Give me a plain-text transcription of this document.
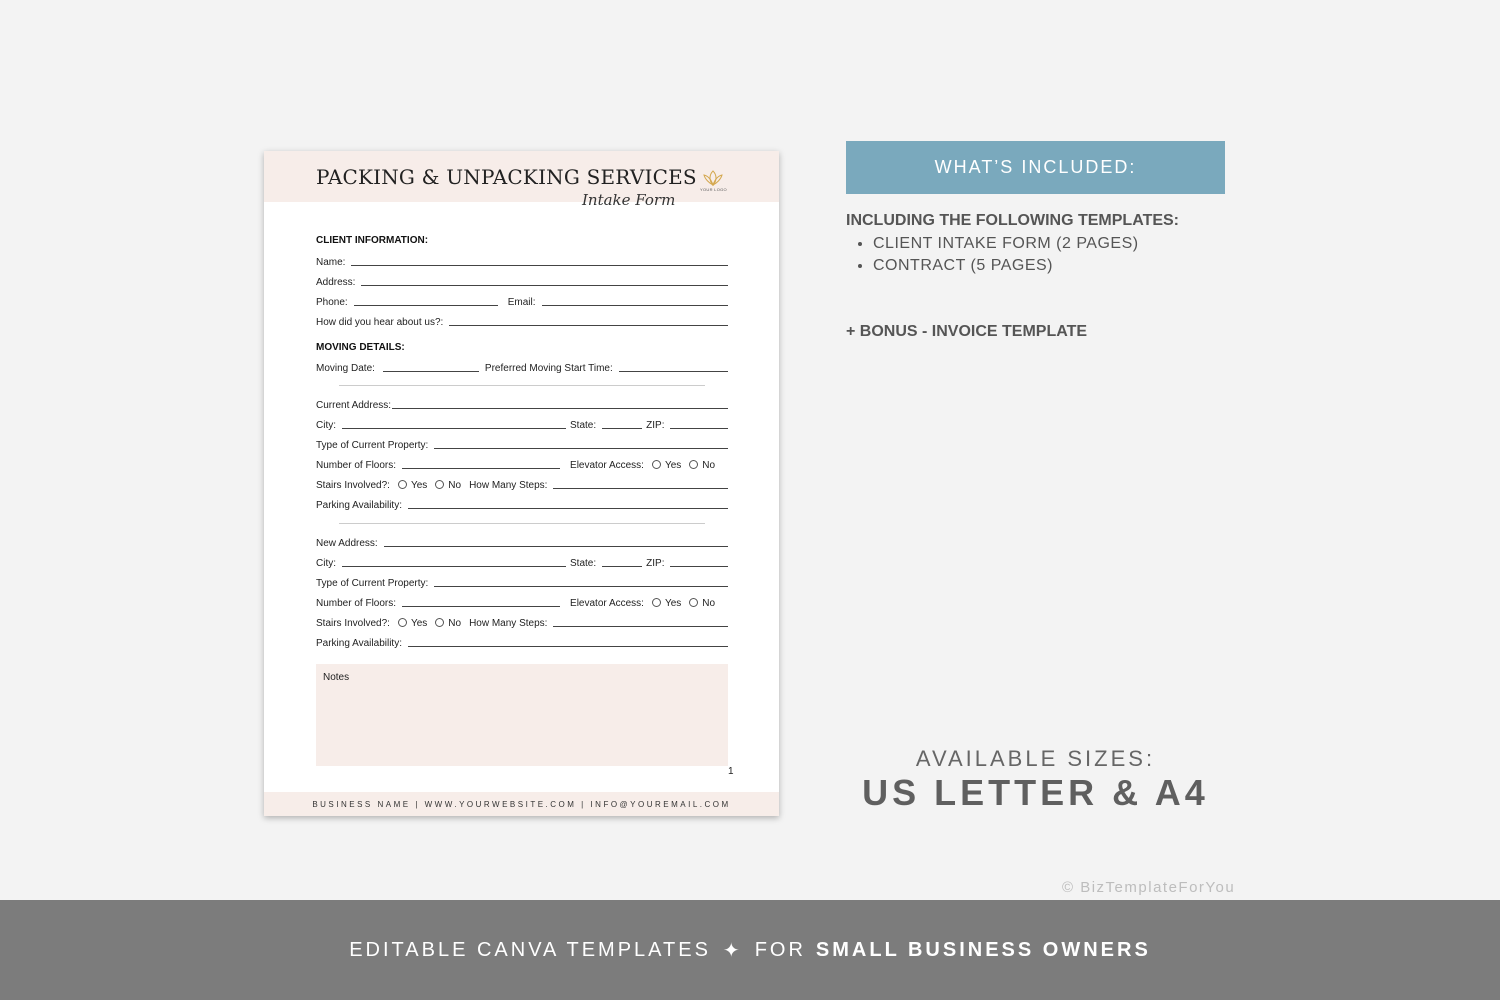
PACKING & UNPACKING SERVICES
Intake Form
YOUR LOGO
CLIENT INFORMATION:
Name:
Address:
Phone:	Email:
How did you hear about us?:
MOVING DETAILS:
Moving Date:	Preferred Moving Start Time:
Current Address:
City:	State:	ZIP:
Type of Current Property:
Number of Floors:	Elevator Access: Yes No
Stairs Involved?: Yes No How Many Steps:
Parking Availability:
New Address:
City:	State:	ZIP:
Type of Current Property:
Number of Floors:	Elevator Access: Yes No
Stairs Involved?: Yes No How Many Steps:
Parking Availability:
Notes
1
BUSINESS NAME | WWW.YOURWEBSITE.COM | INFO@YOUREMAIL.COM
WHAT’S INCLUDED:
INCLUDING THE FOLLOWING TEMPLATES:
• CLIENT INTAKE FORM (2 PAGES)
• CONTRACT (5 PAGES)
+ BONUS - INVOICE TEMPLATE
AVAILABLE SIZES:
US LETTER & A4
© BizTemplateForYou
EDITABLE CANVA TEMPLATES ✦ FOR SMALL BUSINESS OWNERS
